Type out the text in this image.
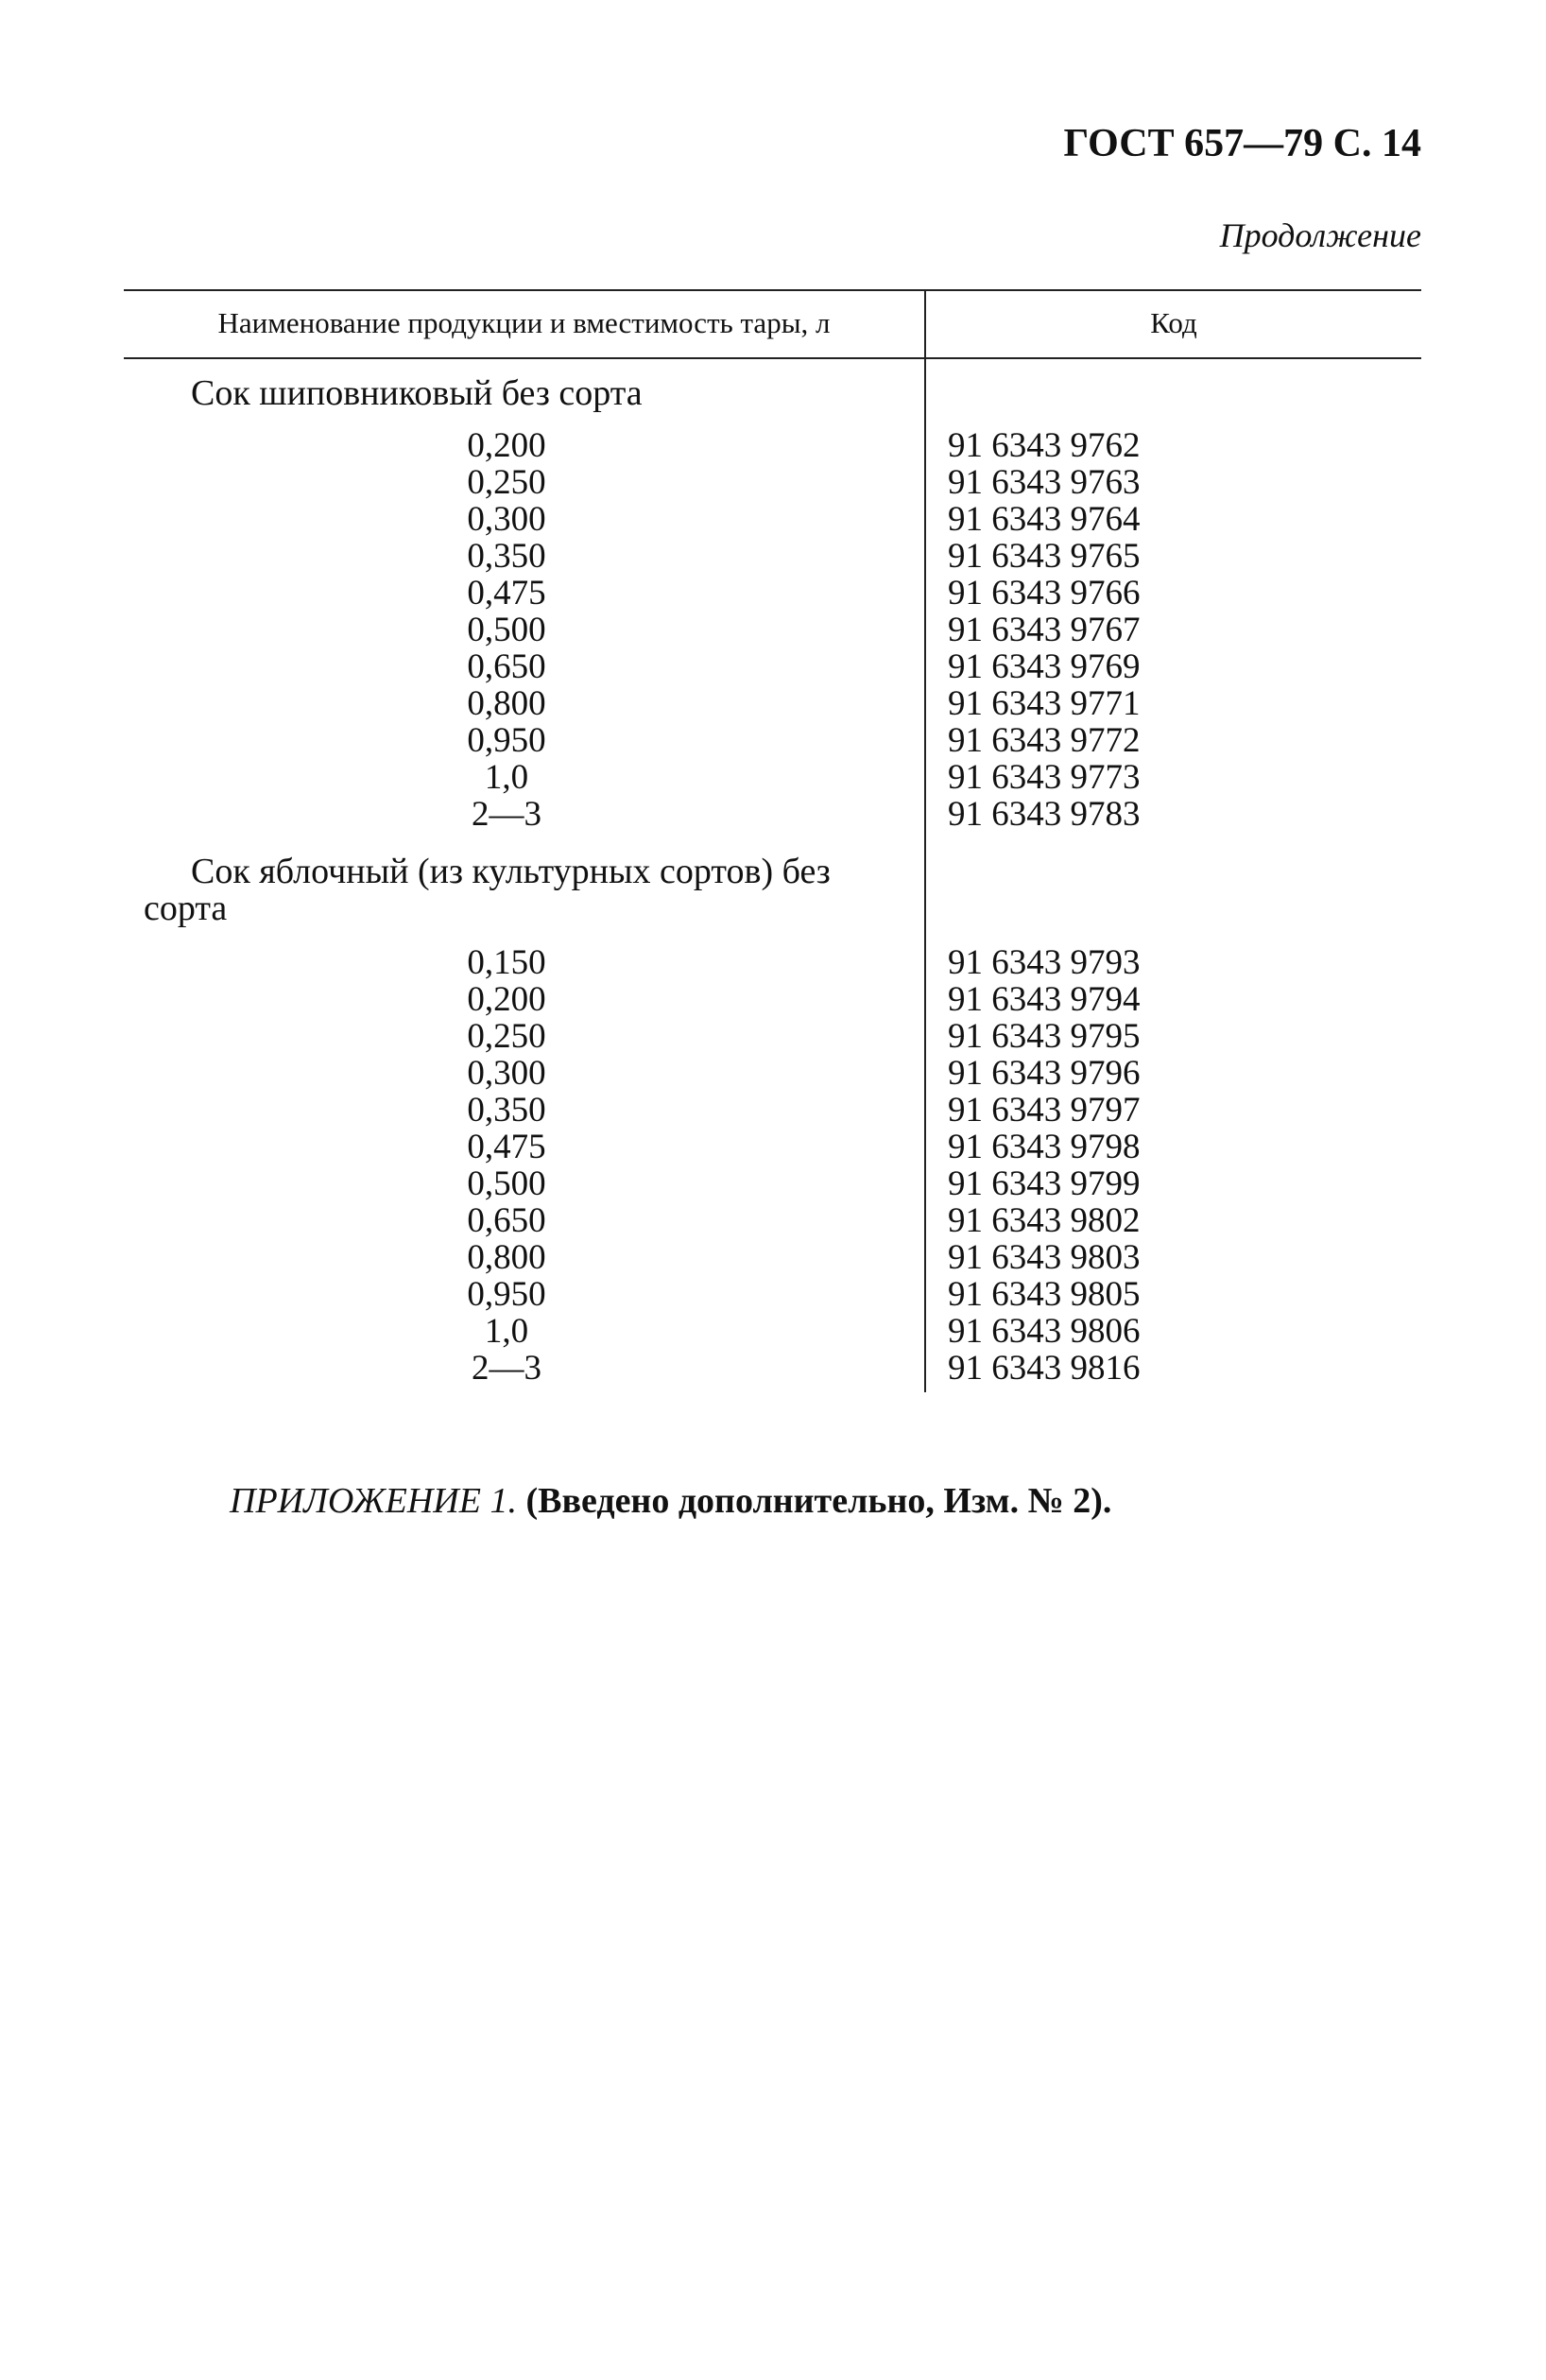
ГОСТ 657—79 С. 14
Продолжение
Наименование продукции и вместимость тары, л	Код
Сок шиповниковый без сорта
0,200	91 6343 9762
0,250	91 6343 9763
0,300	91 6343 9764
0,350	91 6343 9765
0,475	91 6343 9766
0,500	91 6343 9767
0,650	91 6343 9769
0,800	91 6343 9771
0,950	91 6343 9772
1,0	91 6343 9773
2—3	91 6343 9783
Сок яблочный (из культурных сортов) без
сорта
0,150	91 6343 9793
0,200	91 6343 9794
0,250	91 6343 9795
0,300	91 6343 9796
0,350	91 6343 9797
0,475	91 6343 9798
0,500	91 6343 9799
0,650	91 6343 9802
0,800	91 6343 9803
0,950	91 6343 9805
1,0	91 6343 9806
2—3	91 6343 9816
ПРИЛОЖЕНИЕ 1. (Введено дополнительно, Изм. № 2).
